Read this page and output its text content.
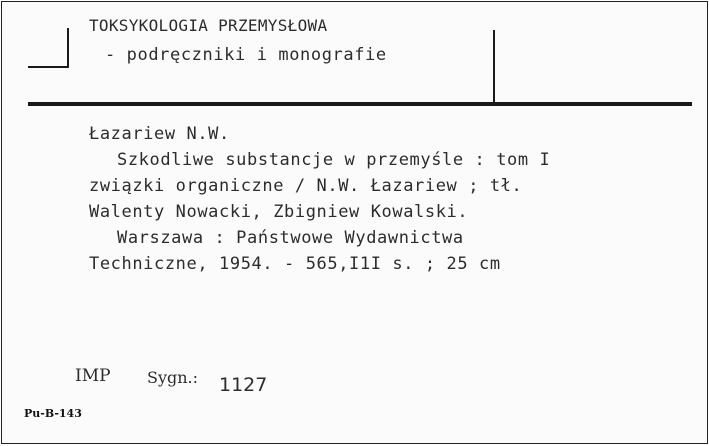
TOKSYKOLOGIA PRZEMYSŁOWA
- podręczniki i monografie
Łazariew N.W.
Szkodliwe substancje w przemyśle : tom I
związki organiczne / N.W. Łazariew ; tł.
Walenty Nowacki, Zbigniew Kowalski.
Warszawa : Państwowe Wydawnictwa
Techniczne, 1954. - 565,I1I s. ; 25 cm
IMP Sygn.: 1127
Pu-B-143
